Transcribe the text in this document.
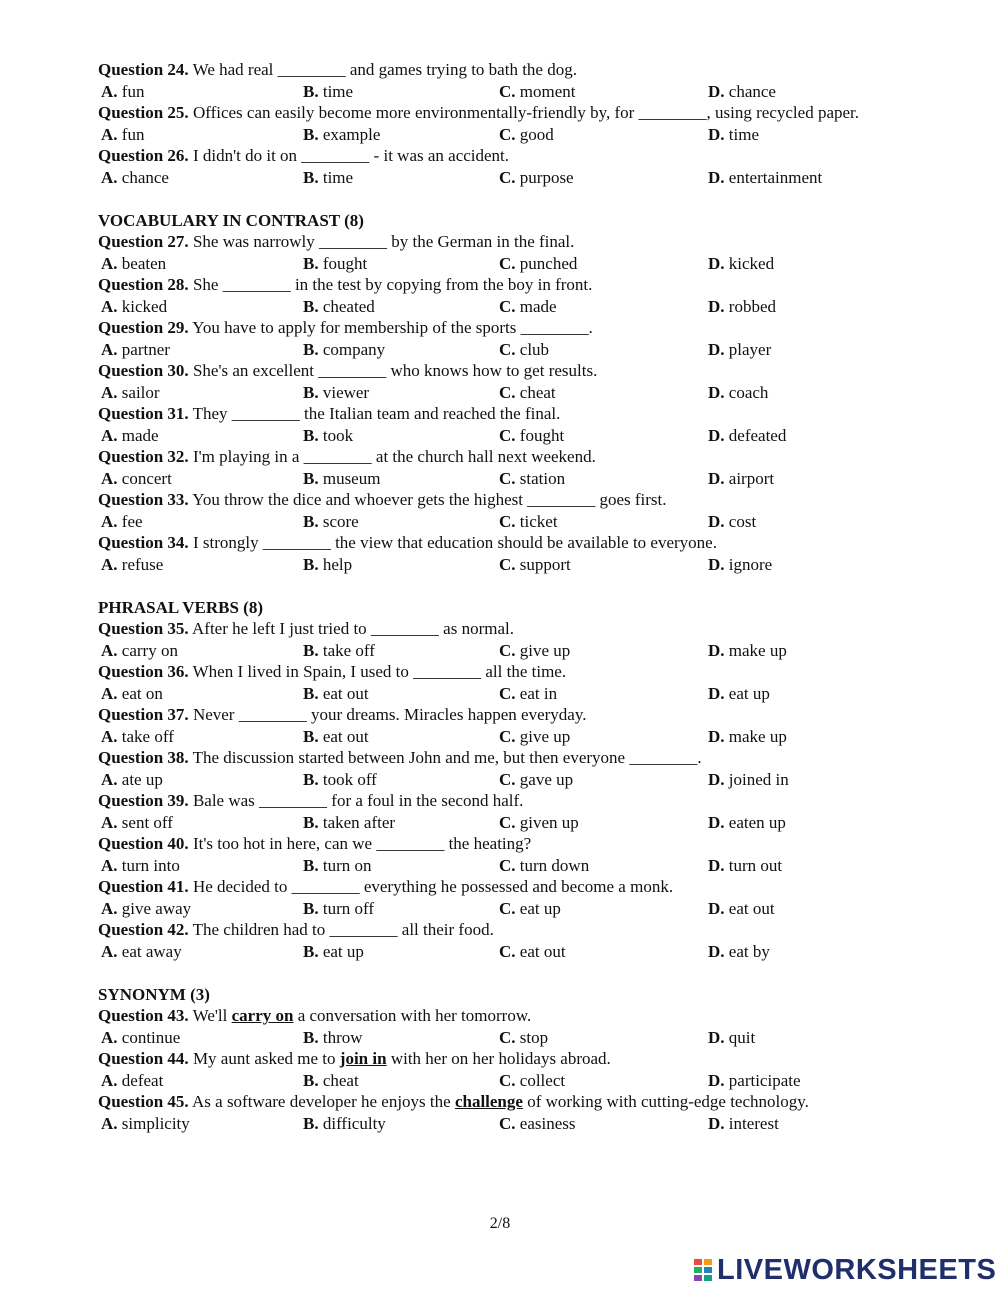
Question 24. We had real ________ and games trying to bath the dog.
A. fun	B. time	C. moment	D. chance
Question 25. Offices can easily become more environmentally-friendly by, for ________, using recycled paper.
A. fun	B. example	C. good	D. time
Question 26. I didn't do it on ________ - it was an accident.
A. chance	B. time	C. purpose	D. entertainment
VOCABULARY IN CONTRAST (8)
Question 27. She was narrowly ________ by the German in the final.
A. beaten	B. fought	C. punched	D. kicked
Question 28. She ________ in the test by copying from the boy in front.
A. kicked	B. cheated	C. made	D. robbed
Question 29. You have to apply for membership of the sports ________.
A. partner	B. company	C. club	D. player
Question 30. She's an excellent ________ who knows how to get results.
A. sailor	B. viewer	C. cheat	D. coach
Question 31. They ________ the Italian team and reached the final.
A. made	B. took	C. fought	D. defeated
Question 32. I'm playing in a ________ at the church hall next weekend.
A. concert	B. museum	C. station	D. airport
Question 33. You throw the dice and whoever gets the highest ________ goes first.
A. fee	B. score	C. ticket	D. cost
Question 34. I strongly ________ the view that education should be available to everyone.
A. refuse	B. help	C. support	D. ignore
PHRASAL VERBS (8)
Question 35. After he left I just tried to ________ as normal.
A. carry on	B. take off	C. give up	D. make up
Question 36. When I lived in Spain, I used to ________ all the time.
A. eat on	B. eat out	C. eat in	D. eat up
Question 37. Never ________ your dreams. Miracles happen everyday.
A. take off	B. eat out	C. give up	D. make up
Question 38. The discussion started between John and me, but then everyone ________.
A. ate up	B. took off	C. gave up	D. joined in
Question 39. Bale was ________ for a foul in the second half.
A. sent off	B. taken after	C. given up	D. eaten up
Question 40. It's too hot in here, can we ________ the heating?
A. turn into	B. turn on	C. turn down	D. turn out
Question 41. He decided to ________ everything he possessed and become a monk.
A. give away	B. turn off	C. eat up	D. eat out
Question 42. The children had to ________ all their food.
A. eat away	B. eat up	C. eat out	D. eat by
SYNONYM (3)
Question 43. We'll carry on a conversation with her tomorrow.
A. continue	B. throw	C. stop	D. quit
Question 44. My aunt asked me to join in with her on her holidays abroad.
A. defeat	B. cheat	C. collect	D. participate
Question 45. As a software developer he enjoys the challenge of working with cutting-edge technology.
A. simplicity	B. difficulty	C. easiness	D. interest
2/8
LIVEWORKSHEETS
